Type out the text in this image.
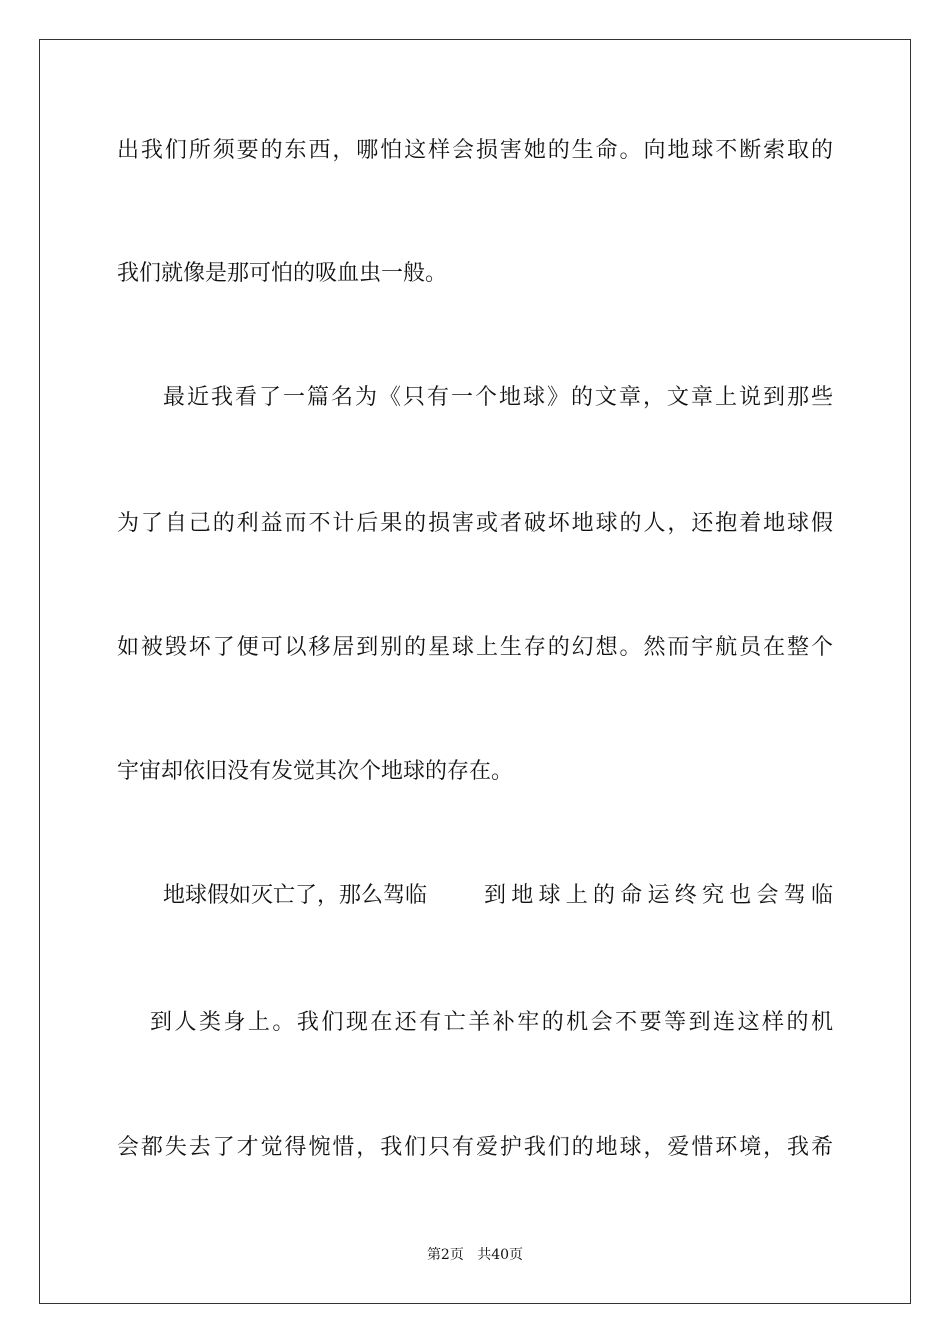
出我们所须要的东西，哪怕这样会损害她的生命。向地球不断索取的
我们就像是那可怕的吸血虫一般。
最近我看了一篇名为《只有一个地球》的文章，文章上说到那些
为了自己的利益而不计后果的损害或者破坏地球的人，还抱着地球假
如被毁坏了便可以移居到别的星球上生存的幻想。然而宇航员在整个
宇宙却依旧没有发觉其次个地球的存在。
地球假如灭亡了，那么驾临	到地球上的命运终究也会驾临
到人类身上。我们现在还有亡羊补牢的机会不要等到连这样的机
会都失去了才觉得惋惜，我们只有爱护我们的地球，爱惜环境，我希
第2页 共40页
